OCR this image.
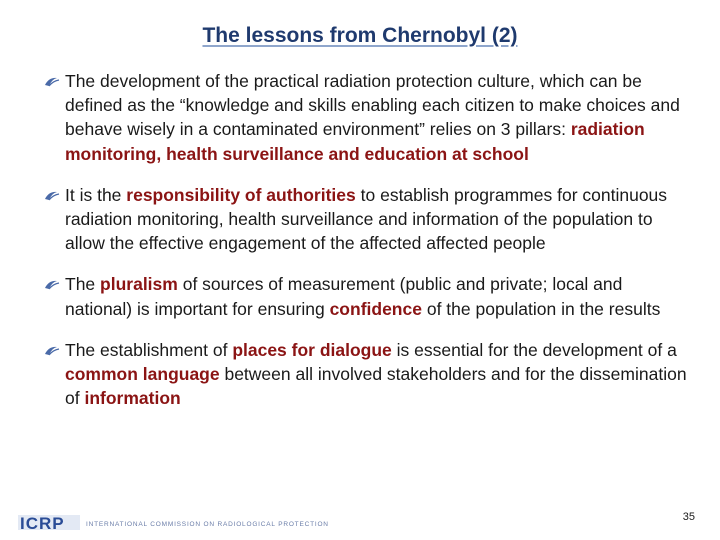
The lessons from Chernobyl (2)
The development of the practical radiation protection culture, which can be defined as the “knowledge and skills enabling each citizen to make choices and behave wisely in a contaminated environment” relies on 3 pillars: radiation monitoring, health surveillance and education at school
It is the responsibility of authorities to establish programmes for continuous radiation monitoring, health surveillance and information of the population to allow the effective engagement of the affected affected people
The pluralism of sources of measurement (public and private; local and national) is important for ensuring confidence of the population in the results
The establishment of places for dialogue is essential for the development of a common language between all involved stakeholders and for the dissemination of information
ICRP	INTERNATIONAL COMMISSION ON RADIOLOGICAL PROTECTION
35
